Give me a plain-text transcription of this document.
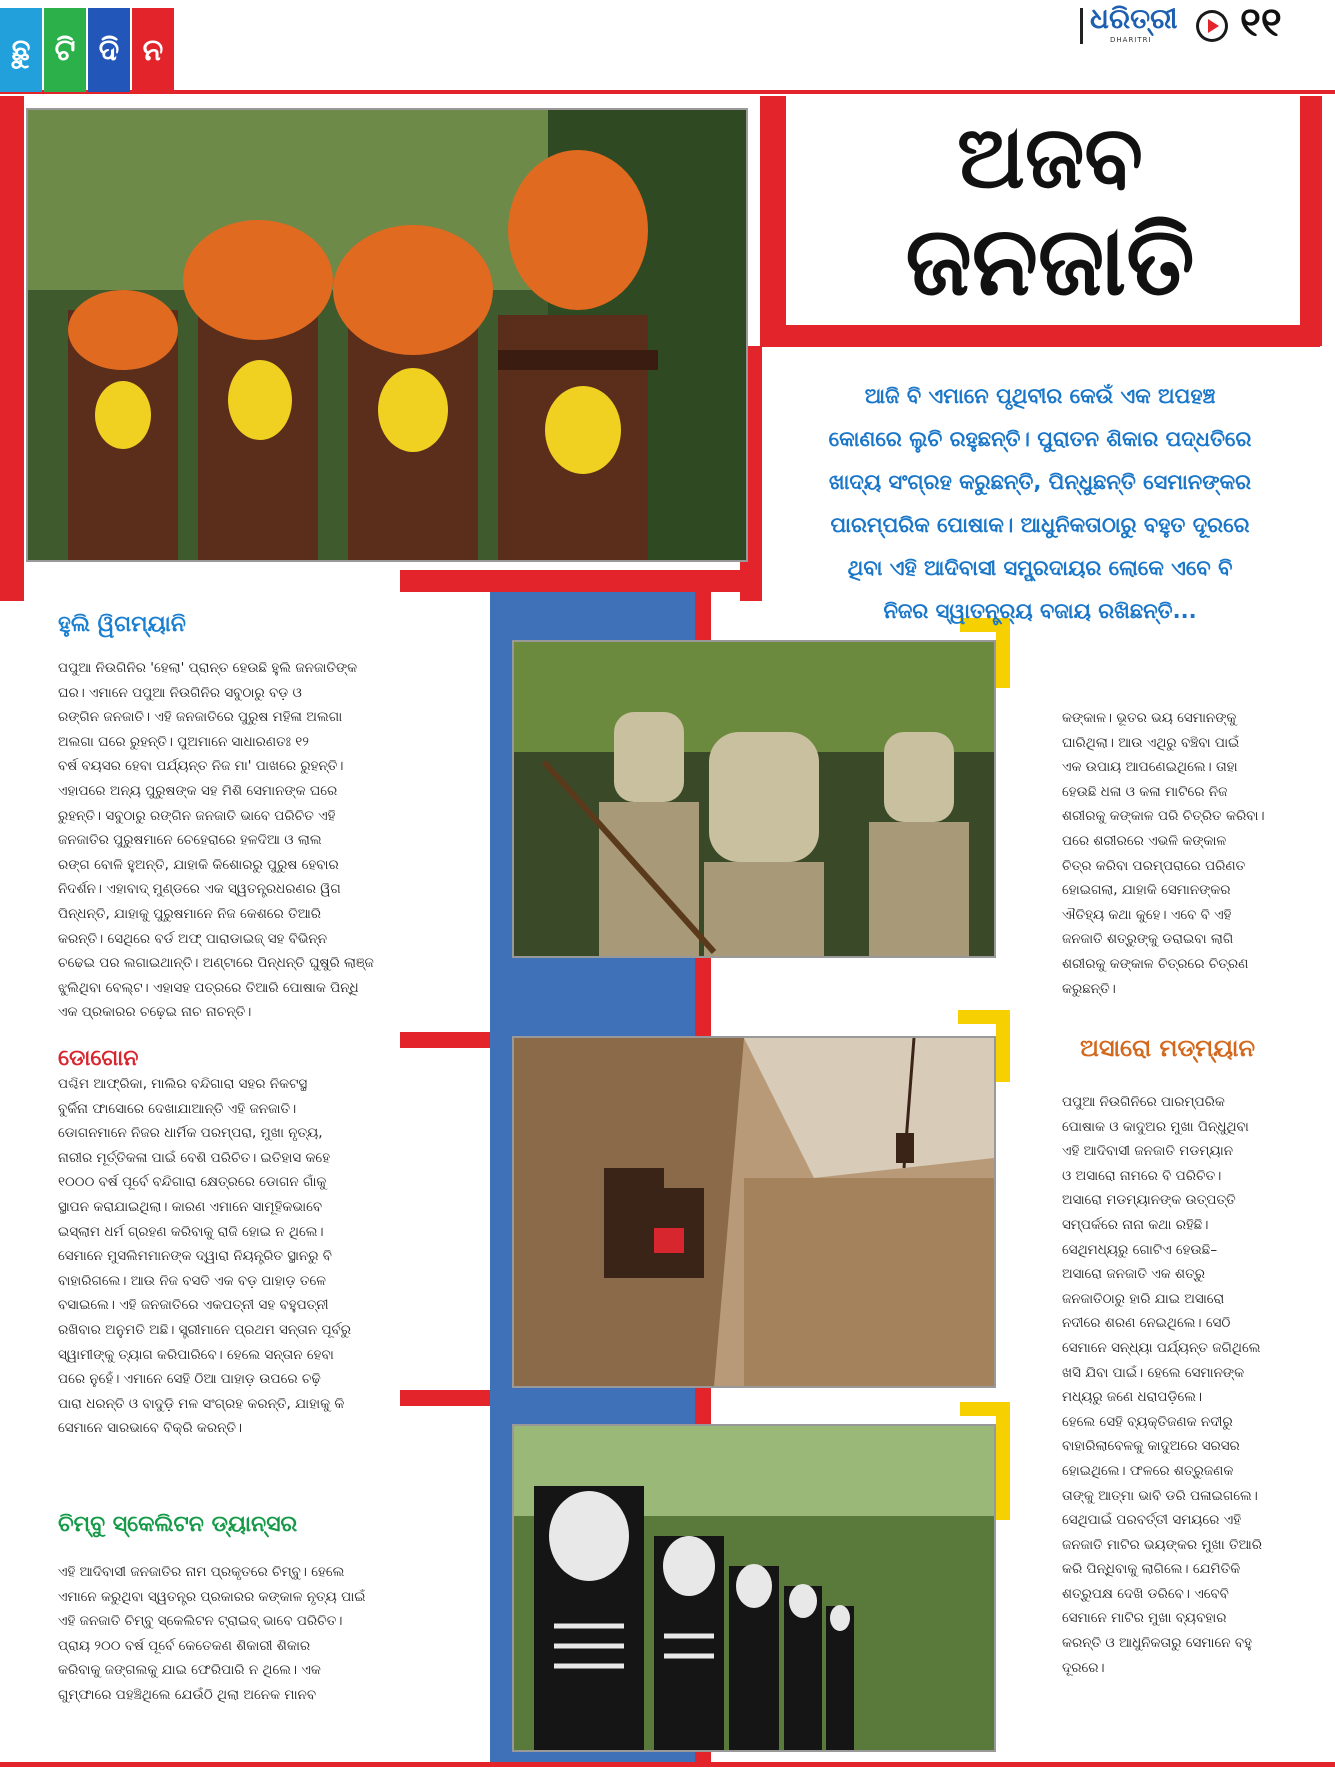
ଛୁ ଟି ଦି ନ
ଧରିତ୍ରୀ
DHARITRI ୧୧
ଅଜବ
ଜନଜାତି
ଆଜି ବି ଏମାନେ ପୃଥିବୀର କେଉଁ ଏକ ଅପହଞ୍ଚ
କୋଣରେ ଲୁଚି ରହୁଛନ୍ତି। ପୁରାତନ ଶିକାର ପଦ୍ଧତିରେ
ଖାଦ୍ୟ ସଂଗ୍ରହ କରୁଛନ୍ତି, ପିନ୍ଧୁଛନ୍ତି ସେମାନଙ୍କର
ପାରମ୍ପରିକ ପୋଷାକ। ଆଧୁନିକତାଠାରୁ ବହୁତ ଦୂରରେ
ଥିବା ଏହି ଆଦିବାସୀ ସମ୍ପ୍ରଦାୟର ଲୋକେ ଏବେ ବି
ନିଜର ସ୍ୱାତନ୍ତ୍ର୍ୟ ବଜାୟ ରଖିଛନ୍ତି...
ହୁଲି ୱିଗମ୍ୟାନି
ପପୁଆ ନିଉଗିନିର 'ହେଲା' ପ୍ରାନ୍ତ ହେଉଛି ହୁଲି ଜନଜାତିଙ୍କ
ଘର। ଏମାନେ ପପୁଆ ନିଉଗିନିର ସବୁଠାରୁ ବଡ଼ ଓ
ରଙ୍ଗିନ ଜନଜାତି। ଏହି ଜନଜାତିରେ ପୁରୁଷ ମହିଳା ଅଲଗା
ଅଲଗା ଘରେ ରୁହନ୍ତି। ପୁଅମାନେ ସାଧାରଣତଃ ୧୨
ବର୍ଷ ବୟସର ହେବା ପର୍ଯ୍ୟନ୍ତ ନିଜ ମା' ପାଖରେ ରୁହନ୍ତି।
ଏହାପରେ ଅନ୍ୟ ପୁରୁଷଙ୍କ ସହ ମିଶି ସେମାନଙ୍କ ଘରେ
ରୁହନ୍ତି। ସବୁଠାରୁ ରଙ୍ଗିନ ଜନଜାତି ଭାବେ ପରିଚିତ ଏହି
ଜନଜାତିର ପୁରୁଷମାନେ ଚେହେରାରେ ହଳଦିଆ ଓ ଲାଲ
ରଙ୍ଗ ବୋଳି ହୁଅନ୍ତି, ଯାହାକି କିଶୋରରୁ ପୁରୁଷ ହେବାର
ନିଦର୍ଶନ। ଏହାବାଦ୍ ମୁଣ୍ଡରେ ଏକ ସ୍ୱତନ୍ତ୍ରଧରଣର ୱିଗ
ପିନ୍ଧନ୍ତି, ଯାହାକୁ ପୁରୁଷମାନେ ନିଜ କେଶରେ ତିଆରି
କରନ୍ତି। ସେଥିରେ ବର୍ଡ ଅଫ୍ ପାରାଡାଇଜ୍ ସହ ବିଭିନ୍ନ
ଚଢେଇ ପର ଲଗାଇଥାନ୍ତି। ଅଣ୍ଟାରେ ପିନ୍ଧନ୍ତି ଘୁଷୁରି ଲାଞ୍ଜ
ଝୁଲିଥିବା ବେଲ୍ଟ। ଏହାସହ ପତ୍ରରେ ତିଆରି ପୋଷାକ ପିନ୍ଧି
ଏକ ପ୍ରକାରର ଚଢ଼େଇ ନାଚ ନାଚନ୍ତି।
ଡୋଗୋନ
ପଶ୍ଚିମ ଆଫ୍ରିକା, ମାଲିର ବନ୍ଦିଗାରା ସହର ନିକଟସ୍ଥ
ବୁର୍କିନା ଫାସୋରେ ଦେଖାଯାଆନ୍ତି ଏହି ଜନଜାତି।
ଡୋଗନମାନେ ନିଜର ଧାର୍ମିକ ପରମ୍ପରା, ମୁଖା ନୃତ୍ୟ,
ନାରୀର ମୂର୍ତ୍ତିକଳା ପାଇଁ ବେଶି ପରିଚିତ। ଇତିହାସ କହେ
୧୦୦୦ ବର୍ଷ ପୂର୍ବେ ବନ୍ଦିଗାରା କ୍ଷେତ୍ରରେ ଡୋଗନ ଗାଁକୁ
ସ୍ଥାପନ କରାଯାଇଥିଲା। କାରଣ ଏମାନେ ସାମୂହିକଭାବେ
ଇସ୍‌ଲାମ ଧର୍ମ ଗ୍ରହଣ କରିବାକୁ ରାଜି ହୋଇ ନ ଥିଲେ।
ସେମାନେ ମୁସଲିମମାନଙ୍କ ଦ୍ୱାରା ନିୟନ୍ତ୍ରିତ ସ୍ଥାନରୁ ବି
ବାହାରିଗଲେ। ଆଉ ନିଜ ବସତି ଏକ ବଡ଼ ପାହାଡ଼ ତଳେ
ବସାଇଲେ। ଏହି ଜନଜାତିରେ ଏକପତ୍ନୀ ସହ ବହୁପତ୍ନୀ
ରଖିବାର ଅନୁମତି ଅଛି। ସ୍ତ୍ରୀମାନେ ପ୍ରଥମ ସନ୍ତାନ ପୂର୍ବରୁ
ସ୍ୱାମୀଙ୍କୁ ତ୍ୟାଗ କରିପାରିବେ। ହେଲେ ସନ୍ତାନ ହେବା
ପରେ ନୁହେଁ। ଏମାନେ ସେହି ଠିଆ ପାହାଡ଼ ଉପରେ ଚଢ଼ି
ପାରା ଧରନ୍ତି ଓ ବାଦୁଡ଼ି ମଳ ସଂଗ୍ରହ କରନ୍ତି, ଯାହାକୁ କି
ସେମାନେ ସାରଭାବେ ବିକ୍ରି କରନ୍ତି।
ଚିମ୍ବୁ ସ୍କେଲିଟନ ଡ୍ୟାନ୍ସର
ଏହି ଆଦିବାସୀ ଜନଜାତିର ନାମ ପ୍ରକୃତରେ ଚିମ୍ବୁ। ହେଲେ
ଏମାନେ କରୁଥିବା ସ୍ୱତନ୍ତ୍ର ପ୍ରକାରର କଙ୍କାଳ ନୃତ୍ୟ ପାଇଁ
ଏହି ଜନଜାତି ଚିମ୍ବୁ ସ୍କେଲିଟନ ଟ୍ରାଇବ୍ ଭାବେ ପରିଚିତ।
ପ୍ରାୟ ୨୦୦ ବର୍ଷ ପୂର୍ବେ କେତେକଣ ଶିକାରୀ ଶିକାର
କରିବାକୁ ଜଙ୍ଗଲକୁ ଯାଇ ଫେରିପାରି ନ ଥିଲେ। ଏକ
ଗୁମ୍ଫାରେ ପହଞ୍ଚିଥିଲେ ଯେଉଁଠି ଥିଲା ଅନେକ ମାନବ
କଙ୍କାଳ। ଭୂତର ଭୟ ସେମାନଙ୍କୁ
ଘାରିଥିଲା। ଆଉ ଏଥିରୁ ବଞ୍ଚିବା ପାଇଁ
ଏକ ଉପାୟ ଆପଣେଇଥିଲେ। ତାହା
ହେଉଛି ଧଳା ଓ କଳା ମାଟିରେ ନିଜ
ଶରୀରକୁ କଙ୍କାଳ ପରି ଚିତ୍ରିତ କରିବା।
ପରେ ଶରୀରରେ ଏଭଳି କଙ୍କାଳ
ଚିତ୍ର କରିବା ପରମ୍ପରାରେ ପରିଣତ
ହୋଇଗଲା, ଯାହାକି ସେମାନଙ୍କର
ଐତିହ୍ୟ କଥା କୁହେ। ଏବେ ବି ଏହି
ଜନଜାତି ଶତ୍ରୁଙ୍କୁ ଡରାଇବା ଲାଗି
ଶରୀରକୁ କଙ୍କାଳ ଚିତ୍ରରେ ଚିତ୍ରଣ
କରୁଛନ୍ତି।
ଅସାରୋ ମଡ୍‌ମ୍ୟାନ
ପପୁଆ ନିଉଗିନିରେ ପାରମ୍ପରିକ
ପୋଷାକ ଓ କାଦୁଅର ମୁଖା ପିନ୍ଧୁଥିବା
ଏହି ଆଦିବାସୀ ଜନଜାତି ମଡମ୍ୟାନ
ଓ ଅସାରୋ ନାମରେ ବି ପରିଚିତ।
ଅସାରୋ ମଡମ୍ୟାନଙ୍କ ଉତ୍ପତ୍ତି
ସମ୍ପର୍କରେ ନାନା କଥା ରହିଛି।
ସେଥିମଧ୍ୟରୁ ଗୋଟିଏ ହେଉଛି–
ଅସାରୋ ଜନଜାତି ଏକ ଶତ୍ରୁ
ଜନଜାତିଠାରୁ ହାରି ଯାଇ ଅସାରୋ
ନଦୀରେ ଶରଣ ନେଇଥିଲେ। ସେଠି
ସେମାନେ ସନ୍ଧ୍ୟା ପର୍ଯ୍ୟନ୍ତ ଜଗିଥିଲେ
ଖସି ଯିବା ପାଇଁ। ହେଲେ ସେମାନଙ୍କ
ମଧ୍ୟରୁ ଜଣେ ଧରାପଡ଼ିଲେ।
ହେଲେ ସେହି ବ୍ୟକ୍ତିଜଣକ ନଦୀରୁ
ବାହାରିଲାବେଳକୁ କାଦୁଅରେ ସରସର
ହୋଇଥିଲେ। ଫଳରେ ଶତ୍ରୁଜଣକ
ତାଙ୍କୁ ଆତ୍ମା ଭାବି ଡରି ପଳାଇଗଲେ।
ସେଥିପାଇଁ ପରବର୍ତ୍ତୀ ସମୟରେ ଏହି
ଜନଜାତି ମାଟିର ଭୟଙ୍କର ମୁଖା ତିଆରି
କରି ପିନ୍ଧିବାକୁ ଲାଗିଲେ। ଯେମିତିକି
ଶତ୍ରୁପକ୍ଷ ଦେଖି ଡରିବେ। ଏବେବି
ସେମାନେ ମାଟିର ମୁଖା ବ୍ୟବହାର
କରନ୍ତି ଓ ଆଧୁନିକତାରୁ ସେମାନେ ବହୁ
ଦୂରରେ।
